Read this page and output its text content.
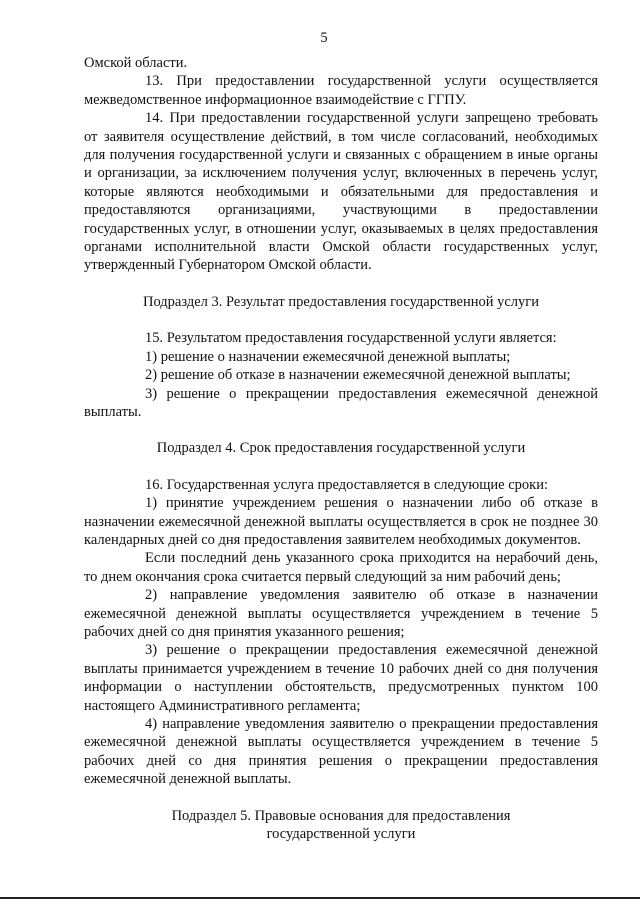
5

Омской области.

13. При предоставлении государственной услуги осуществляется межведомственное информационное взаимодействие с ГГПУ.

14. При предоставлении государственной услуги запрещено требовать от заявителя осуществление действий, в том числе согласований, необходимых для получения государственной услуги и связанных с обращением в иные органы и организации, за исключением получения услуг, включенных в перечень услуг, которые являются необходимыми и обязательными для предоставления и предоставляются организациями, участвующими в предоставлении государственных услуг, в отношении услуг, оказываемых в целях предоставления органами исполнительной власти Омской области государственных услуг, утвержденный Губернатором Омской области.

Подраздел 3. Результат предоставления государственной услуги

15. Результатом предоставления государственной услуги является:

1) решение о назначении ежемесячной денежной выплаты;

2) решение об отказе в назначении ежемесячной денежной выплаты;

3) решение о прекращении предоставления ежемесячной денежной выплаты.

Подраздел 4. Срок предоставления государственной услуги

16. Государственная услуга предоставляется в следующие сроки:

1) принятие учреждением решения о назначении либо об отказе в назначении ежемесячной денежной выплаты осуществляется в срок не позднее 30 календарных дней со дня предоставления заявителем необходимых документов.

Если последний день указанного срока приходится на нерабочий день, то днем окончания срока считается первый следующий за ним рабочий день;

2) направление уведомления заявителю об отказе в назначении ежемесячной денежной выплаты осуществляется учреждением в течение 5 рабочих дней со дня принятия указанного решения;

3) решение о прекращении предоставления ежемесячной денежной выплаты принимается учреждением в течение 10 рабочих дней со дня получения информации о наступлении обстоятельств, предусмотренных пунктом 100 настоящего Административного регламента;

4) направление уведомления заявителю о прекращении предоставления ежемесячной денежной выплаты осуществляется учреждением в течение 5 рабочих дней со дня принятия решения о прекращении предоставления ежемесячной денежной выплаты.

Подраздел 5. Правовые основания для предоставления

государственной услуги
